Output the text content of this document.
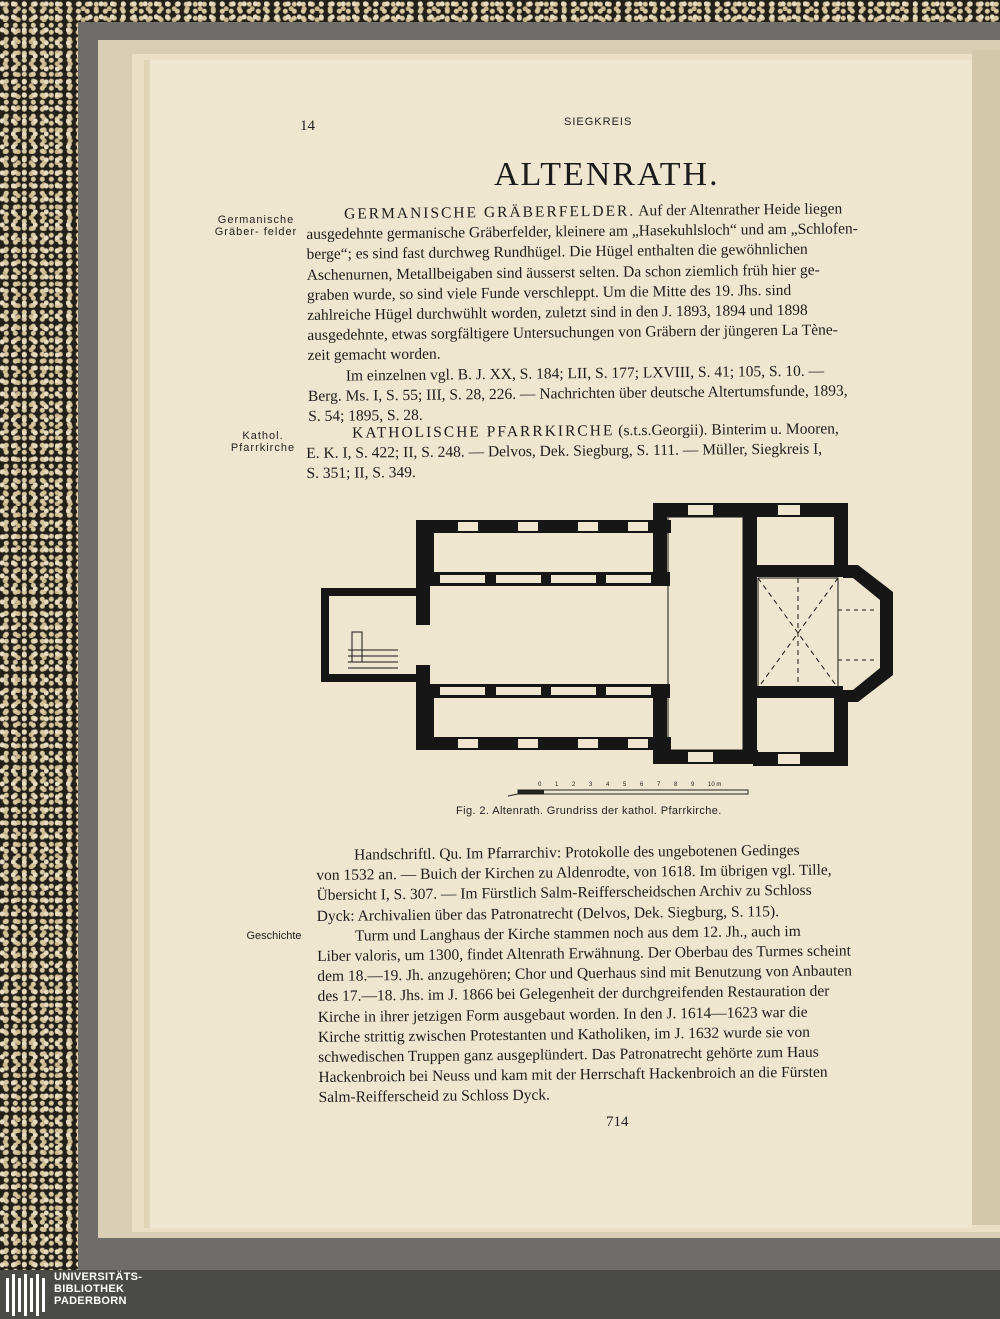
14	SIEGKREIS
ALTENRATH.
Germanische Gräber- felder
Kathol. Pfarrkirche
Geschichte

GERMANISCHE GRÄBERFELDER. Auf der Altenrather Heide liegen

ausgedehnte germanische Gräberfelder, kleinere am „Hasekuhlsloch“ und am „Schlofen-

berge“; es sind fast durchweg Rundhügel. Die Hügel enthalten die gewöhnlichen

Aschenurnen, Metallbeigaben sind äusserst selten. Da schon ziemlich früh hier ge-

graben wurde, so sind viele Funde verschleppt. Um die Mitte des 19. Jhs. sind

zahlreiche Hügel durchwühlt worden, zuletzt sind in den J. 1893, 1894 und 1898

ausgedehnte, etwas sorgfältigere Untersuchungen von Gräbern der jüngeren La Tène-

zeit gemacht worden.

Im einzelnen vgl. B. J. XX, S. 184; LII, S. 177; LXVIII, S. 41; 105, S. 10. —

Berg. Ms. I, S. 55; III, S. 28, 226. — Nachrichten über deutsche Altertumsfunde, 1893,

S. 54; 1895, S. 28.

KATHOLISCHE PFARRKIRCHE (s.t.s.Georgii). Binterim u. Mooren,

E. K. I, S. 422; II, S. 248. — Delvos, Dek. Siegburg, S. 111. — Müller, Siegkreis I,

S. 351; II, S. 349.

0 1 2 3 4 5 6 7 8 9 10 m
Fig. 2. Altenrath. Grundriss der kathol. Pfarrkirche.

Handschriftl. Qu. Im Pfarrarchiv: Protokolle des ungebotenen Gedinges

von 1532 an. — Buich der Kirchen zu Aldenrodte, von 1618. Im übrigen vgl. Tille,

Übersicht I, S. 307. — Im Fürstlich Salm-Reifferscheidschen Archiv zu Schloss

Dyck: Archivalien über das Patronatrecht (Delvos, Dek. Siegburg, S. 115).

Turm und Langhaus der Kirche stammen noch aus dem 12. Jh., auch im

Liber valoris, um 1300, findet Altenrath Erwähnung. Der Oberbau des Turmes scheint

dem 18.—19. Jh. anzugehören; Chor und Querhaus sind mit Benutzung von Anbauten

des 17.—18. Jhs. im J. 1866 bei Gelegenheit der durchgreifenden Restauration der

Kirche in ihrer jetzigen Form ausgebaut worden. In den J. 1614—1623 war die

Kirche strittig zwischen Protestanten und Katholiken, im J. 1632 wurde sie von

schwedischen Truppen ganz ausgeplündert. Das Patronatrecht gehörte zum Haus

Hackenbroich bei Neuss und kam mit der Herrschaft Hackenbroich an die Fürsten

Salm-Reifferscheid zu Schloss Dyck.

714
UNIVERSITÄTS-
BIBLIOTHEK
PADERBORN
